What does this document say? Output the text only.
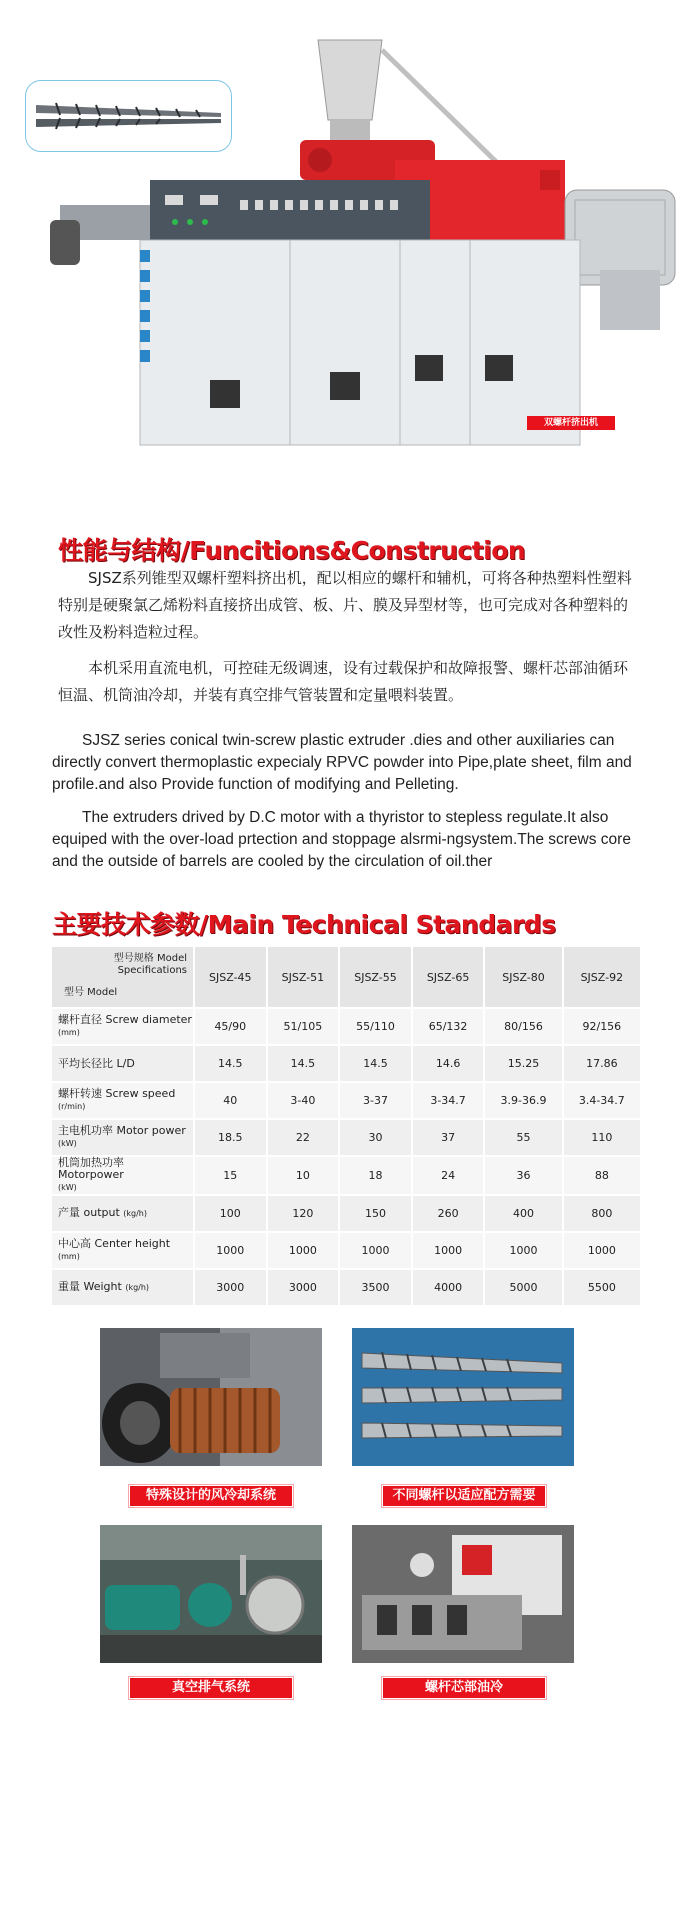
双螺杆挤出机
性能与结构/Funcitions&Construction
SJSZ系列锥型双螺杆塑料挤出机，配以相应的螺杆和辅机，可将各种热塑料性塑料特别是硬聚氯乙烯粉料直接挤出成管、板、片、膜及异型材等，也可完成对各种塑料的改性及粉料造粒过程。
本机采用直流电机，可控硅无级调速，设有过载保护和故障报警、螺杆芯部油循环恒温、机筒油冷却，并装有真空排气管装置和定量喂料装置。
SJSZ series conical twin-screw plastic extruder .dies and other auxiliaries can directly convert thermoplastic expecialy RPVC powder into Pipe,plate sheet, film and profile.and also Provide function of modifying and Pelleting.
The extruders drived by D.C motor with a thyristor to stepless regulate.It also equiped with the over-load prtection and stoppage alsrmi-ngsystem.The screws core and the outside of barrels are cooled by the circulation of oil.ther
主要技术参数/Main Technical Standards
型号规格 Model
Specifications
型号 Model	SJSZ-45	SJSZ-51	SJSZ-55	SJSZ-65	SJSZ-80	SJSZ-92
螺杆直径 Screw diameter
(mm)	45/90	51/105	55/110	65/132	80/156	92/156
平均长径比 L/D	14.5	14.5	14.5	14.6	15.25	17.86
螺杆转速 Screw speed
(r/min)	40	3-40	3-37	3-34.7	3.9-36.9	3.4-34.7
主电机功率 Motor power
(kW)	18.5	22	30	37	55	110
机筒加热功率 Motorpower
(kW)	15	10	18	24	36	88
产量 output (kg/h)	100	120	150	260	400	800
中心高 Center height (mm)	1000	1000	1000	1000	1000	1000
重量 Weight (kg/h)	3000	3000	3500	4000	5000	5500
特殊设计的风冷却系统	不同螺杆以适应配方需要
真空排气系统	螺杆芯部油冷
